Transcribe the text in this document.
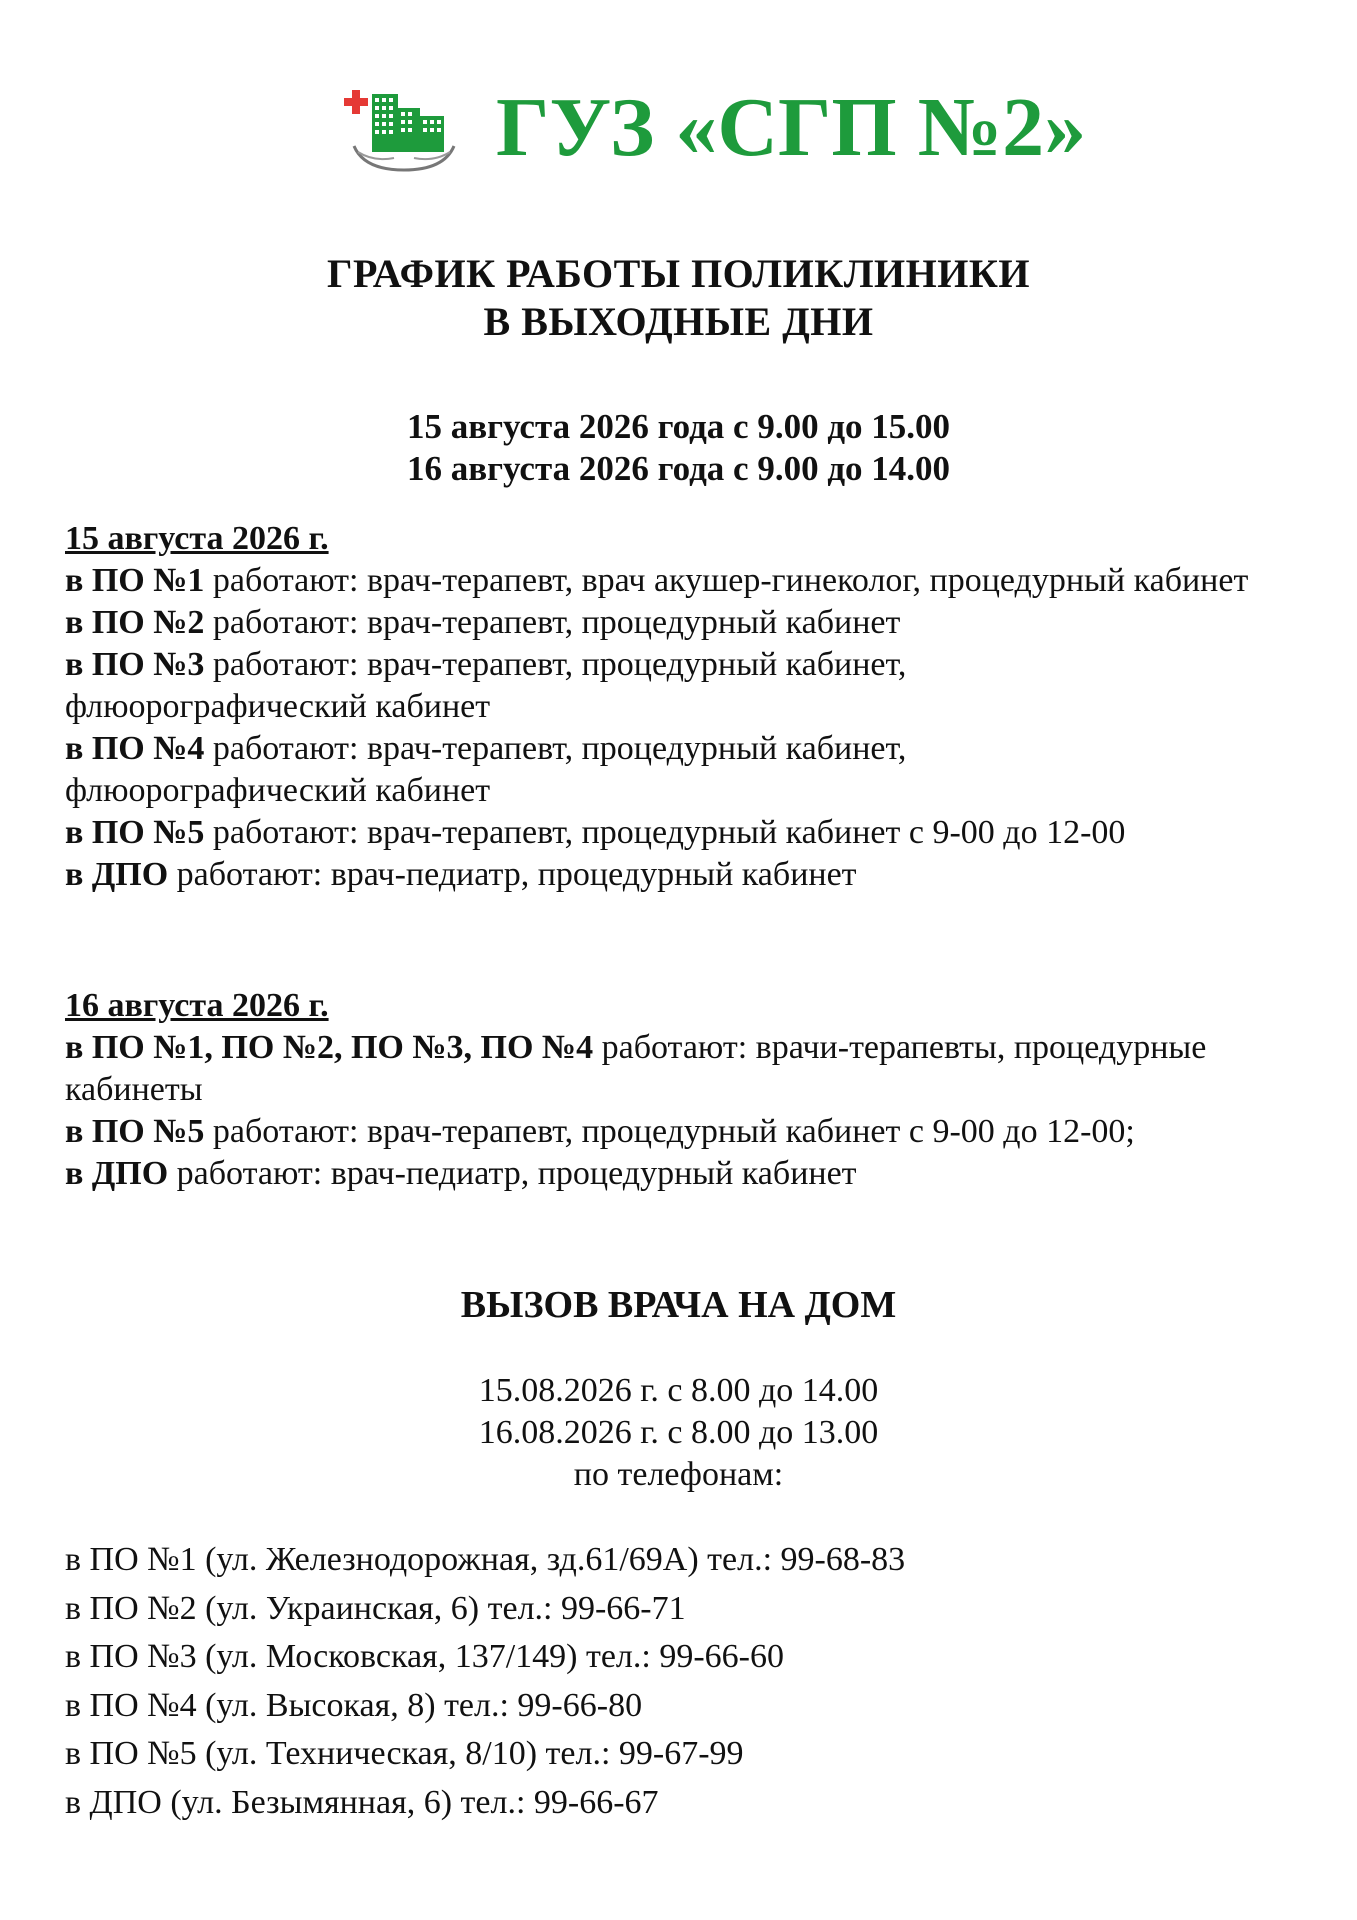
ГУЗ «СГП №2»
ГРАФИК РАБОТЫ ПОЛИКЛИНИКИ
В ВЫХОДНЫЕ ДНИ
15 августа 2026 года с 9.00 до 15.00
16 августа 2026 года с 9.00 до 14.00

15 августа 2026 г.

в ПО №1 работают: врач-терапевт, врач акушер-гинеколог, процедурный кабинет

в ПО №2 работают: врач-терапевт, процедурный кабинет

в ПО №3 работают: врач-терапевт, процедурный кабинет, флюорографический кабинет

в ПО №4 работают: врач-терапевт, процедурный кабинет, флюорографический кабинет

в ПО №5 работают: врач-терапевт, процедурный кабинет с 9-00 до 12-00

в ДПО работают: врач-педиатр, процедурный кабинет

16 августа 2026 г.

в ПО №1, ПО №2, ПО №3, ПО №4 работают: врачи-терапевты, процедурные кабинеты

в ПО №5 работают: врач-терапевт, процедурный кабинет с 9-00 до 12-00;

в ДПО работают: врач-педиатр, процедурный кабинет

ВЫЗОВ ВРАЧА НА ДОМ
15.08.2026 г. с 8.00 до 14.00
16.08.2026 г. с 8.00 до 13.00
по телефонам:
в ПО №1 (ул. Железнодорожная, зд.61/69А) тел.: 99-68-83
в ПО №2 (ул. Украинская, 6) тел.: 99-66-71
в ПО №3 (ул. Московская, 137/149) тел.: 99-66-60
в ПО №4 (ул. Высокая, 8) тел.: 99-66-80
в ПО №5 (ул. Техническая, 8/10) тел.: 99-67-99
в ДПО (ул. Безымянная, 6) тел.: 99-66-67
